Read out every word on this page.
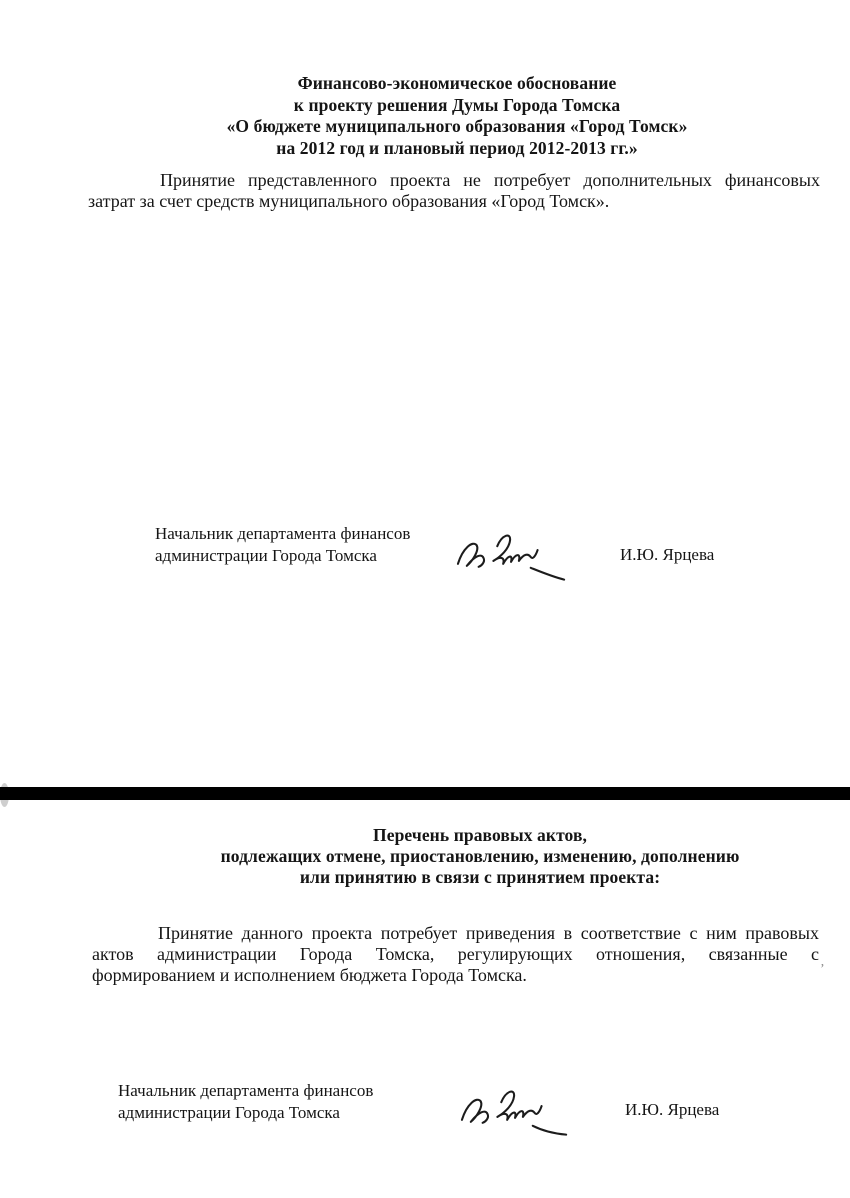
Финансово-экономическое обоснование
к проекту решения Думы Города Томска
«О бюджете муниципального образования «Город Томск»
на 2012 год и плановый период 2012-2013 гг.»
Принятие представленного проекта не потребует дополнительных финансовых
затрат за счет средств муниципального образования «Город Томск».
Начальник департамента финансов
администрации Города Томска	И.Ю. Ярцева
Перечень правовых актов,
подлежащих отмене, приостановлению, изменению, дополнению
или принятию в связи с принятием проекта:
Принятие данного проекта потребует приведения в соответствие с ним правовых
актов администрации Города Томска, регулирующих отношения, связанные с
формированием и исполнением бюджета Города Томска.	’
Начальник департамента финансов
администрации Города Томска	И.Ю. Ярцева
